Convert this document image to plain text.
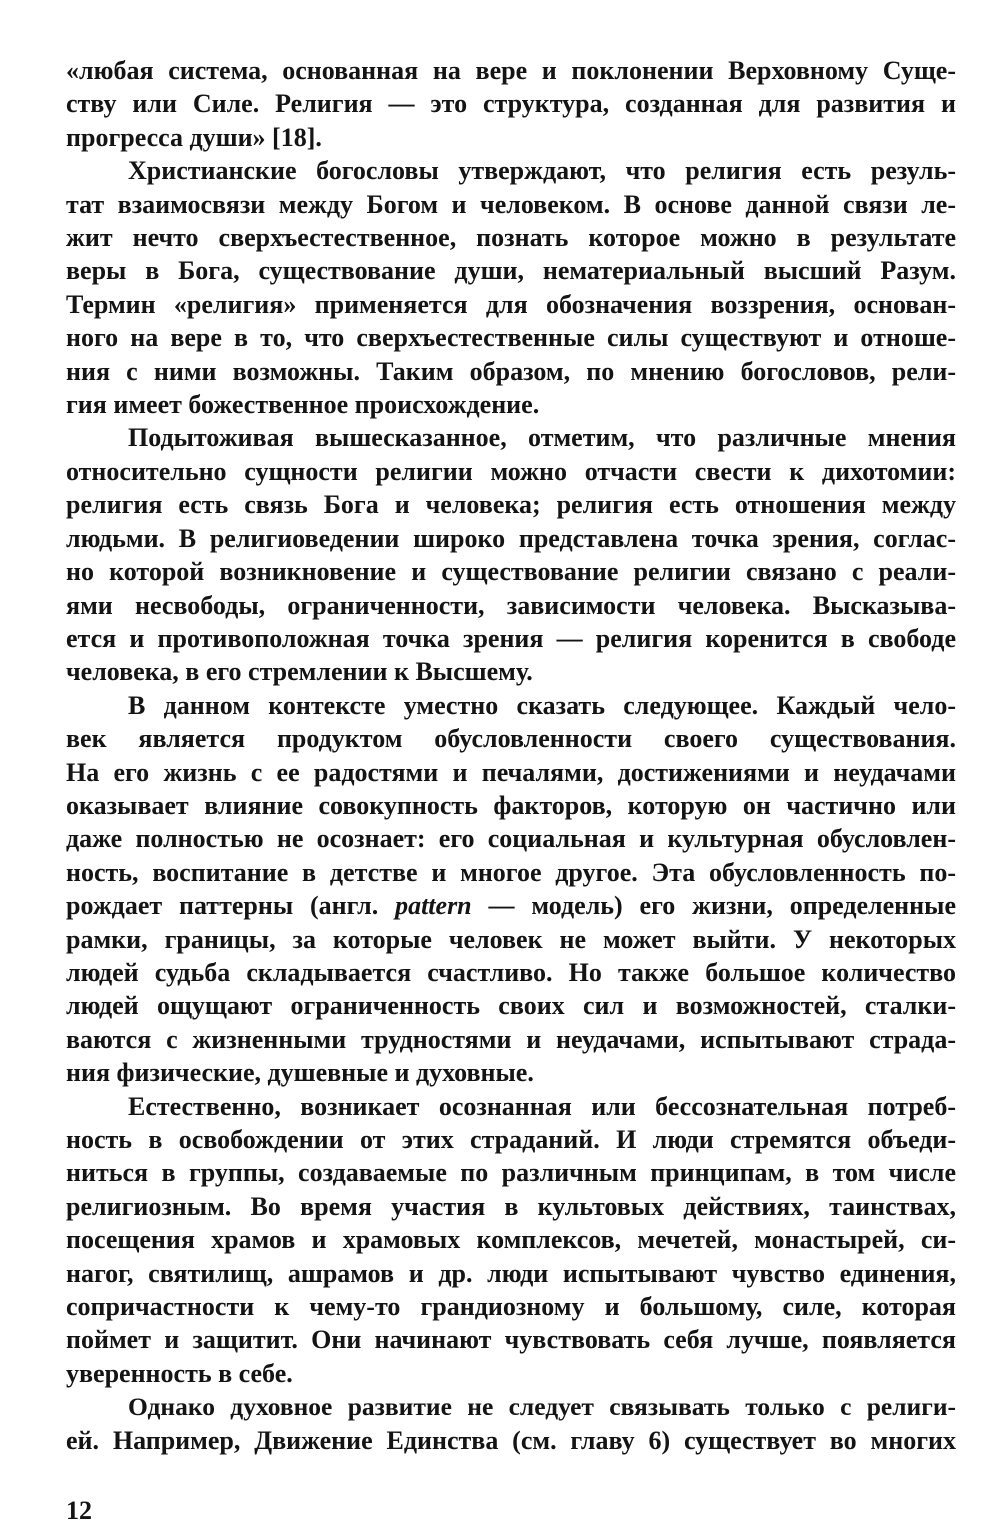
«любая система, основанная на вере и поклонении Верховному Суще-
ству или Силе. Религия — это структура, созданная для развития и
прогресса души» [18].

Христианские богословы утверждают, что религия есть резуль-
тат взаимосвязи между Богом и человеком. В основе данной связи ле-
жит нечто сверхъестественное, познать которое можно в результате
веры в Бога, существование души, нематериальный высший Разум.
Термин «религия» применяется для обозначения воззрения, основан-
ного на вере в то, что сверхъестественные силы существуют и отноше-
ния с ними возможны. Таким образом, по мнению богословов, рели-
гия имеет божественное происхождение.

Подытоживая вышесказанное, отметим, что различные мнения
относительно сущности религии можно отчасти свести к дихотомии:
религия есть связь Бога и человека; религия есть отношения между
людьми. В религиоведении широко представлена точка зрения, соглас-
но которой возникновение и существование религии связано с реали-
ями несвободы, ограниченности, зависимости человека. Высказыва-
ется и противоположная точка зрения — религия коренится в свободе
человека, в его стремлении к Высшему.

В данном контексте уместно сказать следующее. Каждый чело-
век является продуктом обусловленности своего существования.
На его жизнь с ее радостями и печалями, достижениями и неудачами
оказывает влияние совокупность факторов, которую он частично или
даже полностью не осознает: его социальная и культурная обусловлен-
ность, воспитание в детстве и многое другое. Эта обусловленность по-
рождает паттерны (англ. pattern — модель) его жизни, определенные
рамки, границы, за которые человек не может выйти. У некоторых
людей судьба складывается счастливо. Но также большое количество
людей ощущают ограниченность своих сил и возможностей, сталки-
ваются с жизненными трудностями и неудачами, испытывают страда-
ния физические, душевные и духовные.

Естественно, возникает осознанная или бессознательная потреб-
ность в освобождении от этих страданий. И люди стремятся объеди-
ниться в группы, создаваемые по различным принципам, в том числе
религиозным. Во время участия в культовых действиях, таинствах,
посещения храмов и храмовых комплексов, мечетей, монастырей, си-
нагог, святилищ, ашрамов и др. люди испытывают чувство единения,
сопричастности к чему-то грандиозному и большому, силе, которая
поймет и защитит. Они начинают чувствовать себя лучше, появляется
уверенность в себе.

Однако духовное развитие не следует связывать только с религи-
ей. Например, Движение Единства (см. главу 6) существует во многих

12
